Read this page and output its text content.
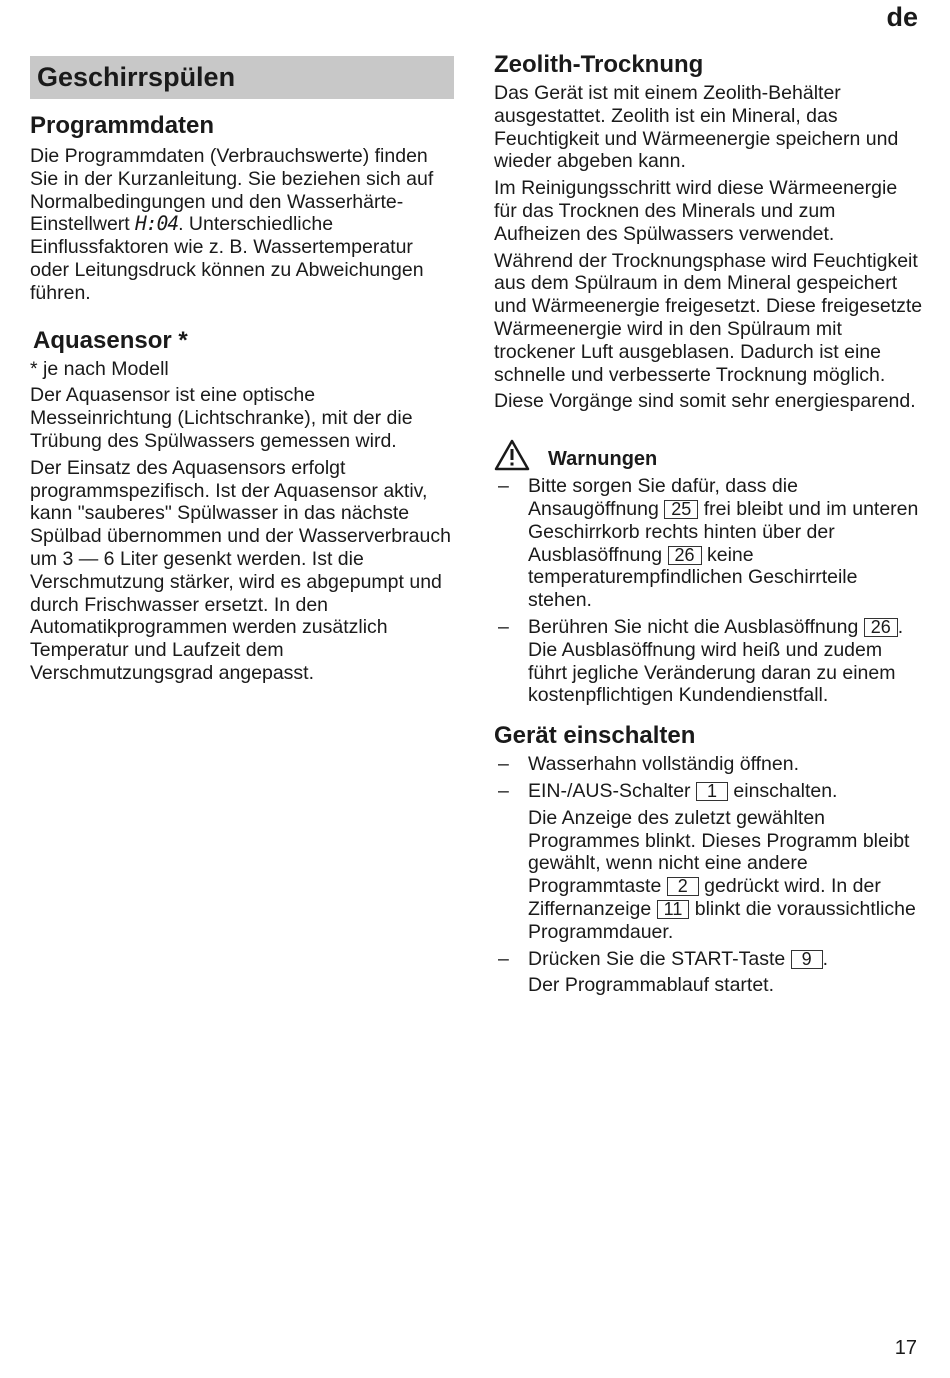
de
Geschirrspülen
Programmdaten

Die Programmdaten (Verbrauchswerte) finden Sie in der Kurzanleitung. Sie beziehen sich auf Normalbedingungen und den Wasserhärte-Einstellwert H:04. Unterschiedliche Einflussfaktoren wie z. B. Wassertemperatur oder Leitungsdruck können zu Abweichungen führen.

Aquasensor *

* je nach Modell

Der Aquasensor ist eine optische Messeinrichtung (Lichtschranke), mit der die Trübung des Spülwassers gemessen wird.

Der Einsatz des Aquasensors erfolgt programmspezifisch. Ist der Aquasensor aktiv, kann "sauberes" Spülwasser in das nächste Spülbad übernommen und der Wasserverbrauch um 3 — 6 Liter gesenkt werden. Ist die Verschmutzung stärker, wird es abgepumpt und durch Frischwasser ersetzt. In den Automatikprogrammen werden zusätzlich Temperatur und Laufzeit dem Verschmutzungsgrad angepasst.

Zeolith-Trocknung

Das Gerät ist mit einem Zeolith-Behälter ausgestattet. Zeolith ist ein Mineral, das Feuchtigkeit und Wärmeenergie speichern und wieder abgeben kann.

Im Reinigungsschritt wird diese Wärmeenergie für das Trocknen des Minerals und zum Aufheizen des Spülwassers verwendet.

Während der Trocknungsphase wird Feuchtigkeit aus dem Spülraum in dem Mineral gespeichert und Wärmeenergie freigesetzt. Diese freigesetzte Wärmeenergie wird in den Spülraum mit trockener Luft ausgeblasen. Dadurch ist eine schnelle und verbesserte Trocknung möglich.

Diese Vorgänge sind somit sehr energiesparend.

Warnungen
– Bitte sorgen Sie dafür, dass die Ansaugöffnung 25 frei bleibt und im unteren Geschirrkorb rechts hinten über der Ausblasöffnung 26 keine temperaturempfindlichen Geschirrteile stehen.
– Berühren Sie nicht die Ausblasöffnung 26 . Die Ausblasöffnung wird heiß und zudem führt jegliche Veränderung daran zu einem kostenpflichtigen Kundendienstfall.
Gerät einschalten
– Wasserhahn vollständig öffnen.
– EIN-/AUS-Schalter 1 einschalten.
Die Anzeige des zuletzt gewählten Programmes blinkt. Dieses Programm bleibt gewählt, wenn nicht eine andere Programmtaste 2 gedrückt wird. In der Ziffernanzeige 11 blinkt die voraussichtliche Programmdauer.
– Drücken Sie die START-Taste 9 .
Der Programmablauf startet.
17
